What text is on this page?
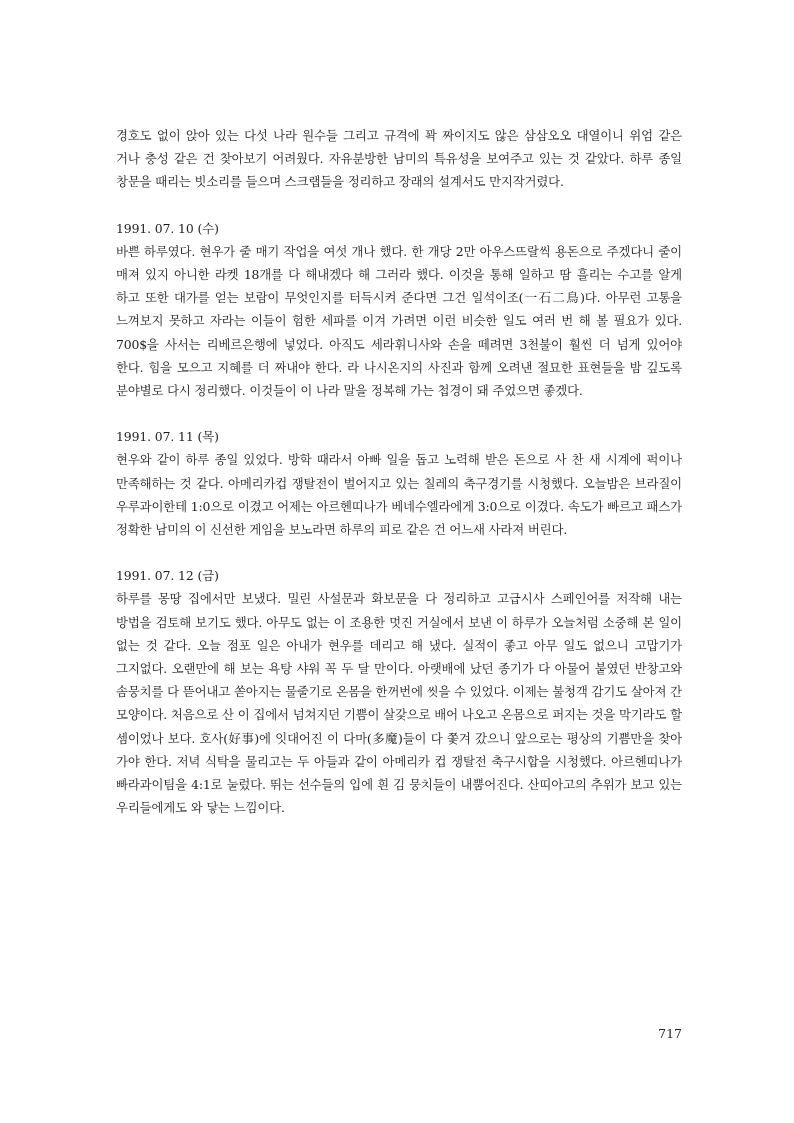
경호도 없이 앉아 있는 다섯 나라 원수들 그리고 규격에 꽉 짜이지도 않은 삼삼오오 대열이니 위엄 같은 거나 충성 같은 건 찾아보기 어려웠다. 자유분방한 남미의 특유성을 보여주고 있는 것 같았다. 하루 종일 창문을 때리는 빗소리를 들으며 스크랩들을 정리하고 장래의 설계서도 만지작거렸다.

1991. 07. 10 (수)

바쁜 하루였다. 현우가 줄 매기 작업을 여섯 개나 했다. 한 개당 2만 아우스뜨랄씩 용돈으로 주겠다니 줄이 매져 있지 아니한 라켓 18개를 다 해내겠다 해 그러라 했다. 이것을 통해 일하고 땀 흘리는 수고를 알게 하고 또한 대가를 얻는 보람이 무엇인지를 터득시켜 준다면 그건 일석이조(一石二鳥)다. 아무런 고통을 느껴보지 못하고 자라는 이들이 험한 세파를 이겨 가려면 이런 비슷한 일도 여러 번 해 볼 필요가 있다. 700$을 사서는 리베르은행에 넣었다. 아직도 세라휘니사와 손을 떼려면 3천불이 훨씬 더 넘게 있어야 한다. 힘을 모으고 지혜를 더 짜내야 한다. 라 나시온지의 사진과 함께 오려낸 절묘한 표현들을 밤 깊도록 분야별로 다시 정리했다. 이것들이 이 나라 말을 정복해 가는 첩경이 돼 주었으면 좋겠다.

1991. 07. 11 (목)

현우와 같이 하루 종일 있었다. 방학 때라서 아빠 일을 돕고 노력해 받은 돈으로 사 찬 새 시계에 퍽이나 만족해하는 것 같다. 아메리카컵 쟁탈전이 벌어지고 있는 칠레의 축구경기를 시청했다. 오늘밤은 브라질이 우루과이한테 1:0으로 이겼고 어제는 아르헨띠나가 베네수엘라에게 3:0으로 이겼다. 속도가 빠르고 패스가 정확한 남미의 이 신선한 게임을 보노라면 하루의 피로 같은 건 어느새 사라져 버린다.

1991. 07. 12 (금)

하루를 몽땅 집에서만 보냈다. 밀린 사설문과 화보문을 다 정리하고 고급시사 스페인어를 저작해 내는 방법을 검토해 보기도 했다. 아무도 없는 이 조용한 멋진 거실에서 보낸 이 하루가 오늘처럼 소중해 본 일이 없는 것 같다. 오늘 점포 일은 아내가 현우를 데리고 해 냈다. 실적이 좋고 아무 일도 없으니 고맙기가 그지없다. 오랜만에 해 보는 욕탕 샤워 꼭 두 달 만이다. 아랫배에 났던 종기가 다 아물어 붙였던 반창고와 솜뭉치를 다 뜯어내고 쏟아지는 물줄기로 온몸을 한꺼번에 씻을 수 있었다. 이제는 불청객 감기도 살아져 간 모양이다. 처음으로 산 이 집에서 넘쳐지던 기쁨이 살갗으로 배어 나오고 온몸으로 퍼지는 것을 막기라도 할 셈이었나 보다. 호사(好事)에 잇대어진 이 다마(多魔)들이 다 쫓겨 갔으니 앞으로는 평상의 기쁨만을 찾아 가야 한다. 저녁 식탁을 물리고는 두 아들과 같이 아메리카 컵 쟁탈전 축구시합을 시청했다. 아르헨띠나가 빠라과이팀을 4:1로 눌렀다. 뛰는 선수들의 입에 흰 김 뭉치들이 내뿜어진다. 산띠아고의 추위가 보고 있는 우리들에게도 와 닿는 느낌이다.

717
